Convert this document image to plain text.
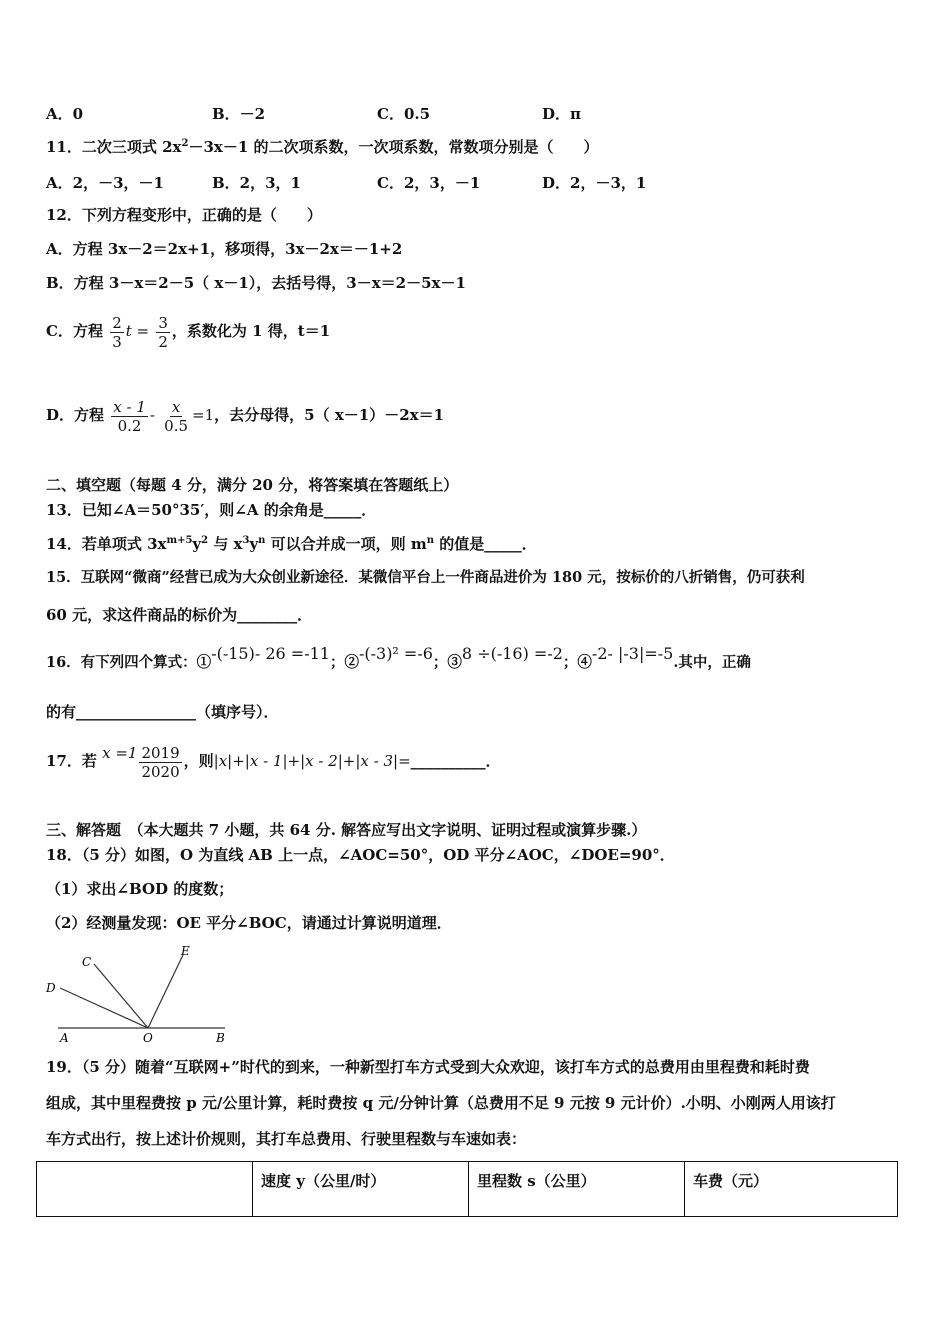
A．0	B．－2	C．0.5	D．π
11．二次三项式 $2x^2-3x-1$ 的二次项系数，一次项系数，常数项分别是（　　）
A．2，－3，－1	B．2，3，1	C．2，3，－1	D．2，－3，1
12．下列方程变形中，正确的是（　　）
A．方程 3x－2＝2x+1，移项得，3x－2x＝－1+2
B．方程 3－x＝2－5（ x－1），去括号得，3－x＝2－5x－1
C．方程 $\frac{2}{3}$ $t = \frac{3}{2}$ ，系数化为 1 得，t＝1
D．方程 $\frac{x - 1}{0.2} - \frac{x}{0.5} =1$，去分母得，5（ x－1）－2x＝1
二、填空题（每题 4 分，满分 20 分，将答案填在答题纸上）
13．已知∠A＝50°35′，则∠A 的余角是_____．
14．若单项式 $3x^{m+5}y^2$ 与 $x^3y^n$ 可以合并成一项，则 $m^n$ 的值是_____．
15．互联网“微商”经营已成为大众创业新途径．某微信平台上一件商品进价为 180 元，按标价的八折销售，仍可获利
60 元，求这件商品的标价为________．
16．有下列四个算式：①-(-15)- 26 =-11；②-(-3)² =-6；③8 ÷(-16) =-2；④-2- |-3|=-5.其中，正确
的有________________（填序号）．
17．若 $x =1 \frac{2019}{2020}$ ，则|x|+|x - 1|+|x - 2|+|x - 3|=__________．
三、解答题　（本大题共 7 小题，共 64 分. 解答应写出文字说明、证明过程或演算步骤.）
18．（5 分）如图，O 为直线 AB 上一点，∠AOC=50°，OD 平分∠AOC，∠DOE=90°．
（1）求出∠BOD 的度数；
（2）经测量发现：OE 平分∠BOC，请通过计算说明道理．
C
D
E
A	O	B
19．（5 分）随着“互联网+”时代的到来，一种新型打车方式受到大众欢迎，该打车方式的总费用由里程费和耗时费
组成，其中里程费按 p 元/公里计算，耗时费按 q 元/分钟计算（总费用不足 9 元按 9 元计价）.小明、小刚两人用该打
车方式出行，按上述计价规则，其打车总费用、行驶里程数与车速如表：
	速度 y（公里/时）	里程数 s（公里）	车费（元）
